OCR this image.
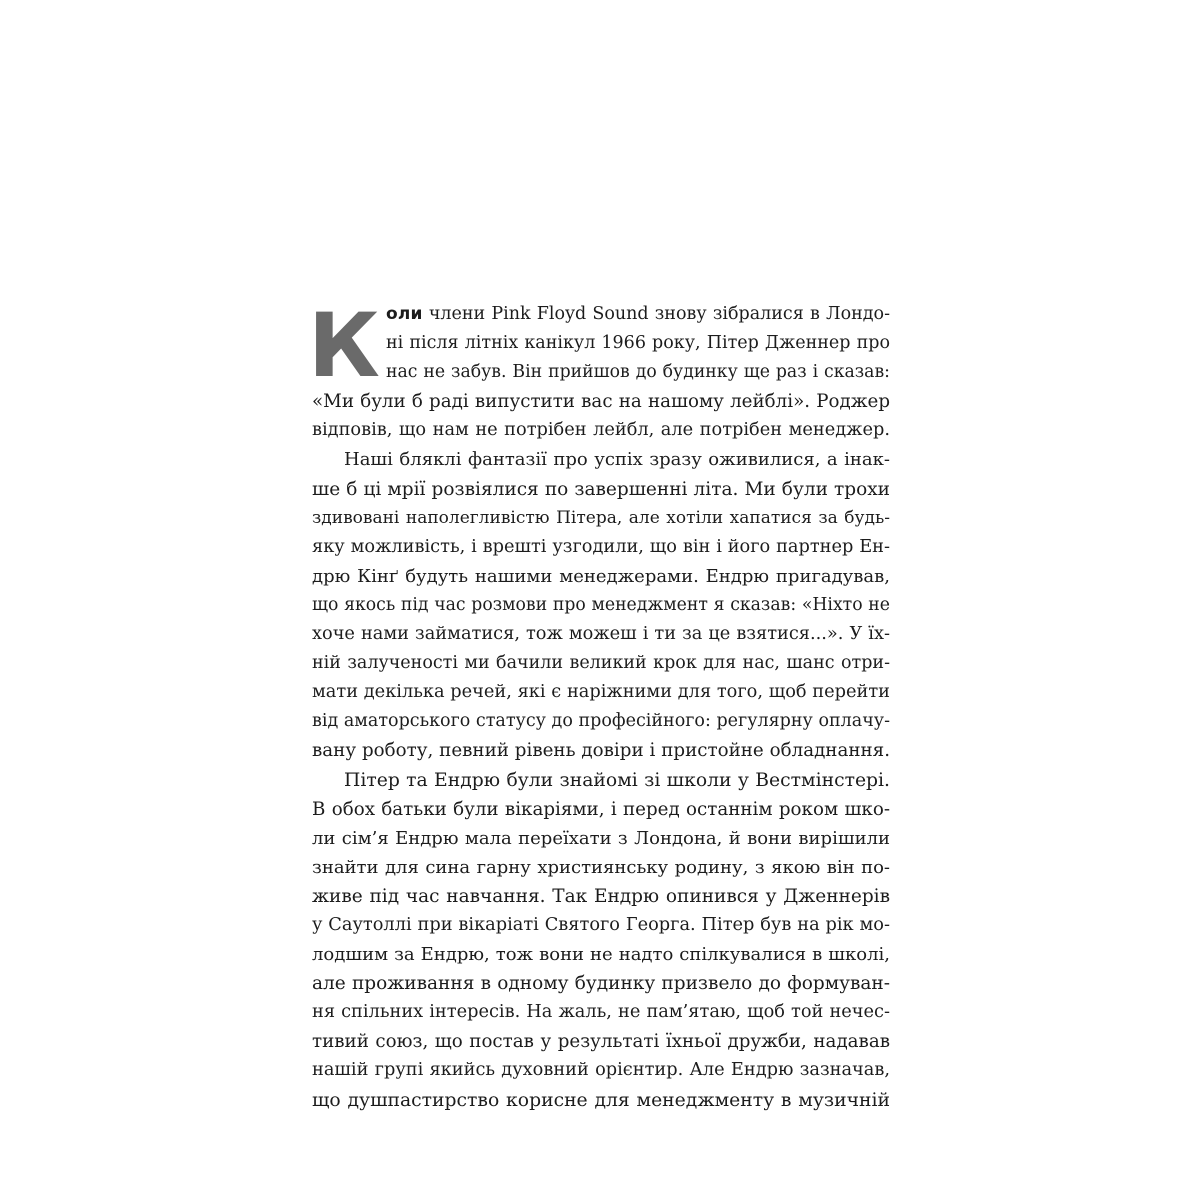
К оли члени Pink Floyd Sound знову зібралися в Лондо-
ні після літніх канікул 1966 року, Пітер Дженнер про
нас не забув. Він прийшов до будинку ще раз і сказав:
«Ми були б раді випустити вас на нашому лейблі». Роджер
відповів, що нам не потрібен лейбл, але потрібен менеджер.
Наші бляклі фантазії про успіх зразу оживилися, а інак-
ше б ці мрії розвіялися по завершенні літа. Ми були трохи
здивовані наполегливістю Пітера, але хотіли хапатися за будь-
яку можливість, і врешті узгодили, що він і його партнер Ен-
дрю Кінґ будуть нашими менеджерами. Ендрю пригадував,
що якось під час розмови про менеджмент я сказав: «Ніхто не
хоче нами займатися, тож можеш і ти за це взятися...». У їх-
ній залученості ми бачили великий крок для нас, шанс отри-
мати декілька речей, які є наріжними для того, щоб перейти
від аматорського статусу до професійного: регулярну оплачу-
вану роботу, певний рівень довіри і пристойне обладнання.
Пітер та Ендрю були знайомі зі школи у Вестмінстері.
В обох батьки були вікаріями, і перед останнім роком шко-
ли сім’я Ендрю мала переїхати з Лондона, й вони вирішили
знайти для сина гарну християнську родину, з якою він по-
живе під час навчання. Так Ендрю опинився у Дженнерів
у Саутоллі при вікаріаті Святого Георга. Пітер був на рік мо-
лодшим за Ендрю, тож вони не надто спілкувалися в школі,
але проживання в одному будинку призвело до формуван-
ня спільних інтересів. На жаль, не пам’ятаю, щоб той нечес-
тивий союз, що постав у результаті їхньої дружби, надавав
нашій групі якийсь духовний орієнтир. Але Ендрю зазначав,
що душпастирство корисне для менеджменту в музичній
